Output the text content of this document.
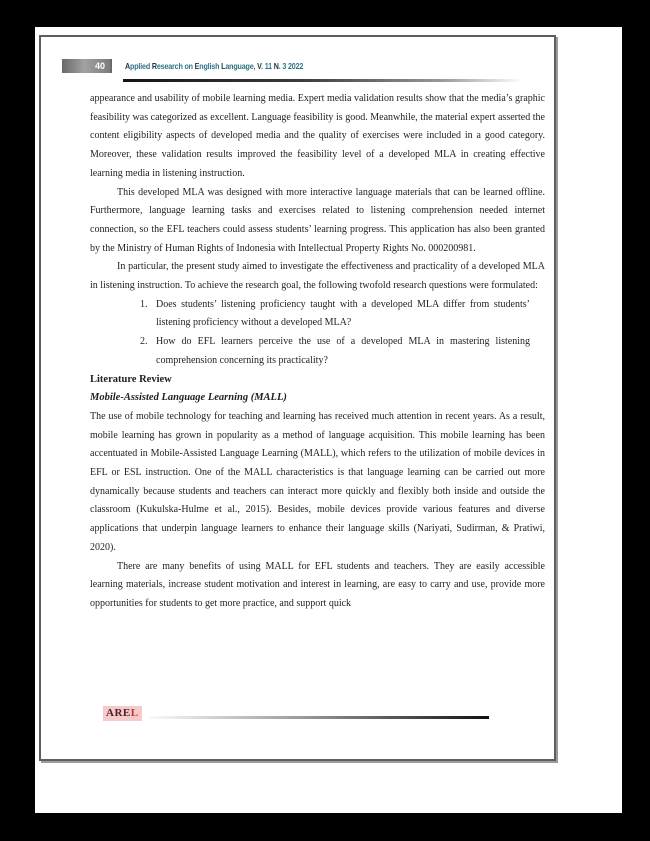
40	Applied Research on English Language, V. 11 N. 3 2022

appearance and usability of mobile learning media. Expert media validation results show that the media’s graphic feasibility was categorized as excellent. Language feasibility is good. Meanwhile, the material expert asserted the content eligibility aspects of developed media and the quality of exercises were included in a good category. Moreover, these validation results improved the feasibility level of a developed MLA in creating effective learning media in listening instruction.

This developed MLA was designed with more interactive language materials that can be learned offline. Furthermore, language learning tasks and exercises related to listening comprehension needed internet connection, so the EFL teachers could assess students’ learning progress. This application has also been granted by the Ministry of Human Rights of Indonesia with Intellectual Property Rights No. 000200981.

In particular, the present study aimed to investigate the effectiveness and practicality of a developed MLA in listening instruction. To achieve the research goal, the following twofold research questions were formulated:

1. Does students’ listening proficiency taught with a developed MLA differ from students’ listening proficiency without a developed MLA?
2. How do EFL learners perceive the use of a developed MLA in mastering listening comprehension concerning its practicality?

Literature Review

Mobile-Assisted Language Learning (MALL)

The use of mobile technology for teaching and learning has received much attention in recent years. As a result, mobile learning has grown in popularity as a method of language acquisition. This mobile learning has been accentuated in Mobile-Assisted Language Learning (MALL), which refers to the utilization of mobile devices in EFL or ESL instruction. One of the MALL characteristics is that language learning can be carried out more dynamically because students and teachers can interact more quickly and flexibly both inside and outside the classroom (Kukulska-Hulme et al., 2015). Besides, mobile devices provide various features and diverse applications that underpin language learners to enhance their language skills (Nariyati, Sudirman, & Pratiwi, 2020).

There are many benefits of using MALL for EFL students and teachers. They are easily accessible learning materials, increase student motivation and interest in learning, are easy to carry and use, provide more opportunities for students to get more practice, and support quick

AREL
